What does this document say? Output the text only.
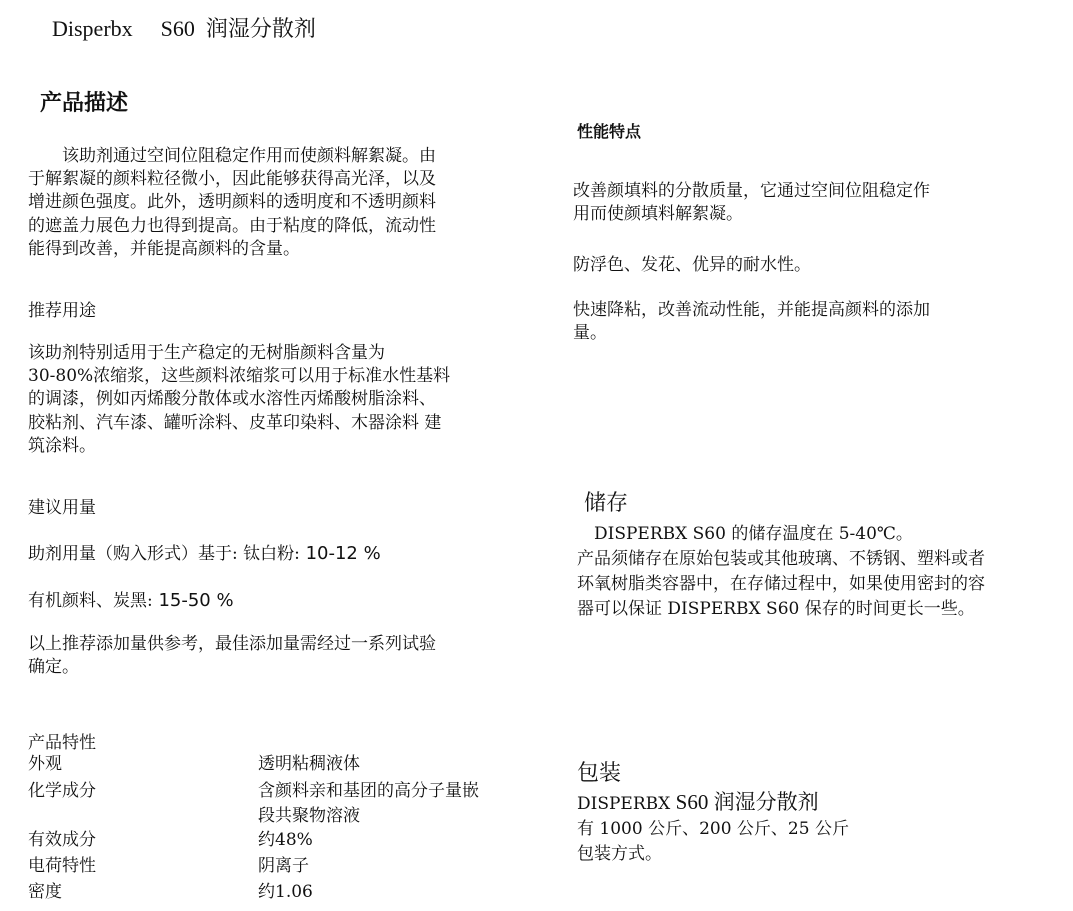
Disperbx S60 润湿分散剂
产品描述
　　该助剂通过空间位阻稳定作用而使颜料解絮凝。由
于解絮凝的颜料粒径微小，因此能够获得高光泽，以及
增进颜色强度。此外，透明颜料的透明度和不透明颜料
的遮盖力展色力也得到提高。由于粘度的降低，流动性
能得到改善，并能提高颜料的含量。
推荐用途
该助剂特别适用于生产稳定的无树脂颜料含量为
30-80%浓缩浆，这些颜料浓缩浆可以用于标准水性基料
的调漆，例如丙烯酸分散体或水溶性丙烯酸树脂涂料、
胶粘剂、汽车漆、罐听涂料、皮革印染料、木器涂料 建
筑涂料。
建议用量
助剂用量（购入形式）基于: 钛白粉: 10-12 %
有机颜料、炭黑: 15-50 %
以上推荐添加量供参考，最佳添加量需经过一系列试验
确定。
产品特性
外观	透明粘稠液体
化学成分	含颜料亲和基团的高分子量嵌
段共聚物溶液
有效成分	约48%
电荷特性	阴离子
密度	约1.06
性能特点
改善颜填料的分散质量，它通过空间位阻稳定作
用而使颜填料解絮凝。
防浮色、发花、优异的耐水性。
快速降粘，改善流动性能，并能提高颜料的添加
量。
储存
　DISPERBX S60 的储存温度在 5-40℃。
产品须储存在原始包装或其他玻璃、不锈钢、塑料或者
环氧树脂类容器中，在存储过程中，如果使用密封的容
器可以保证 DISPERBX S60 保存的时间更长一些。
包装
DISPERBX S60 润湿分散剂
有 1000 公斤、200 公斤、25 公斤
包装方式。
